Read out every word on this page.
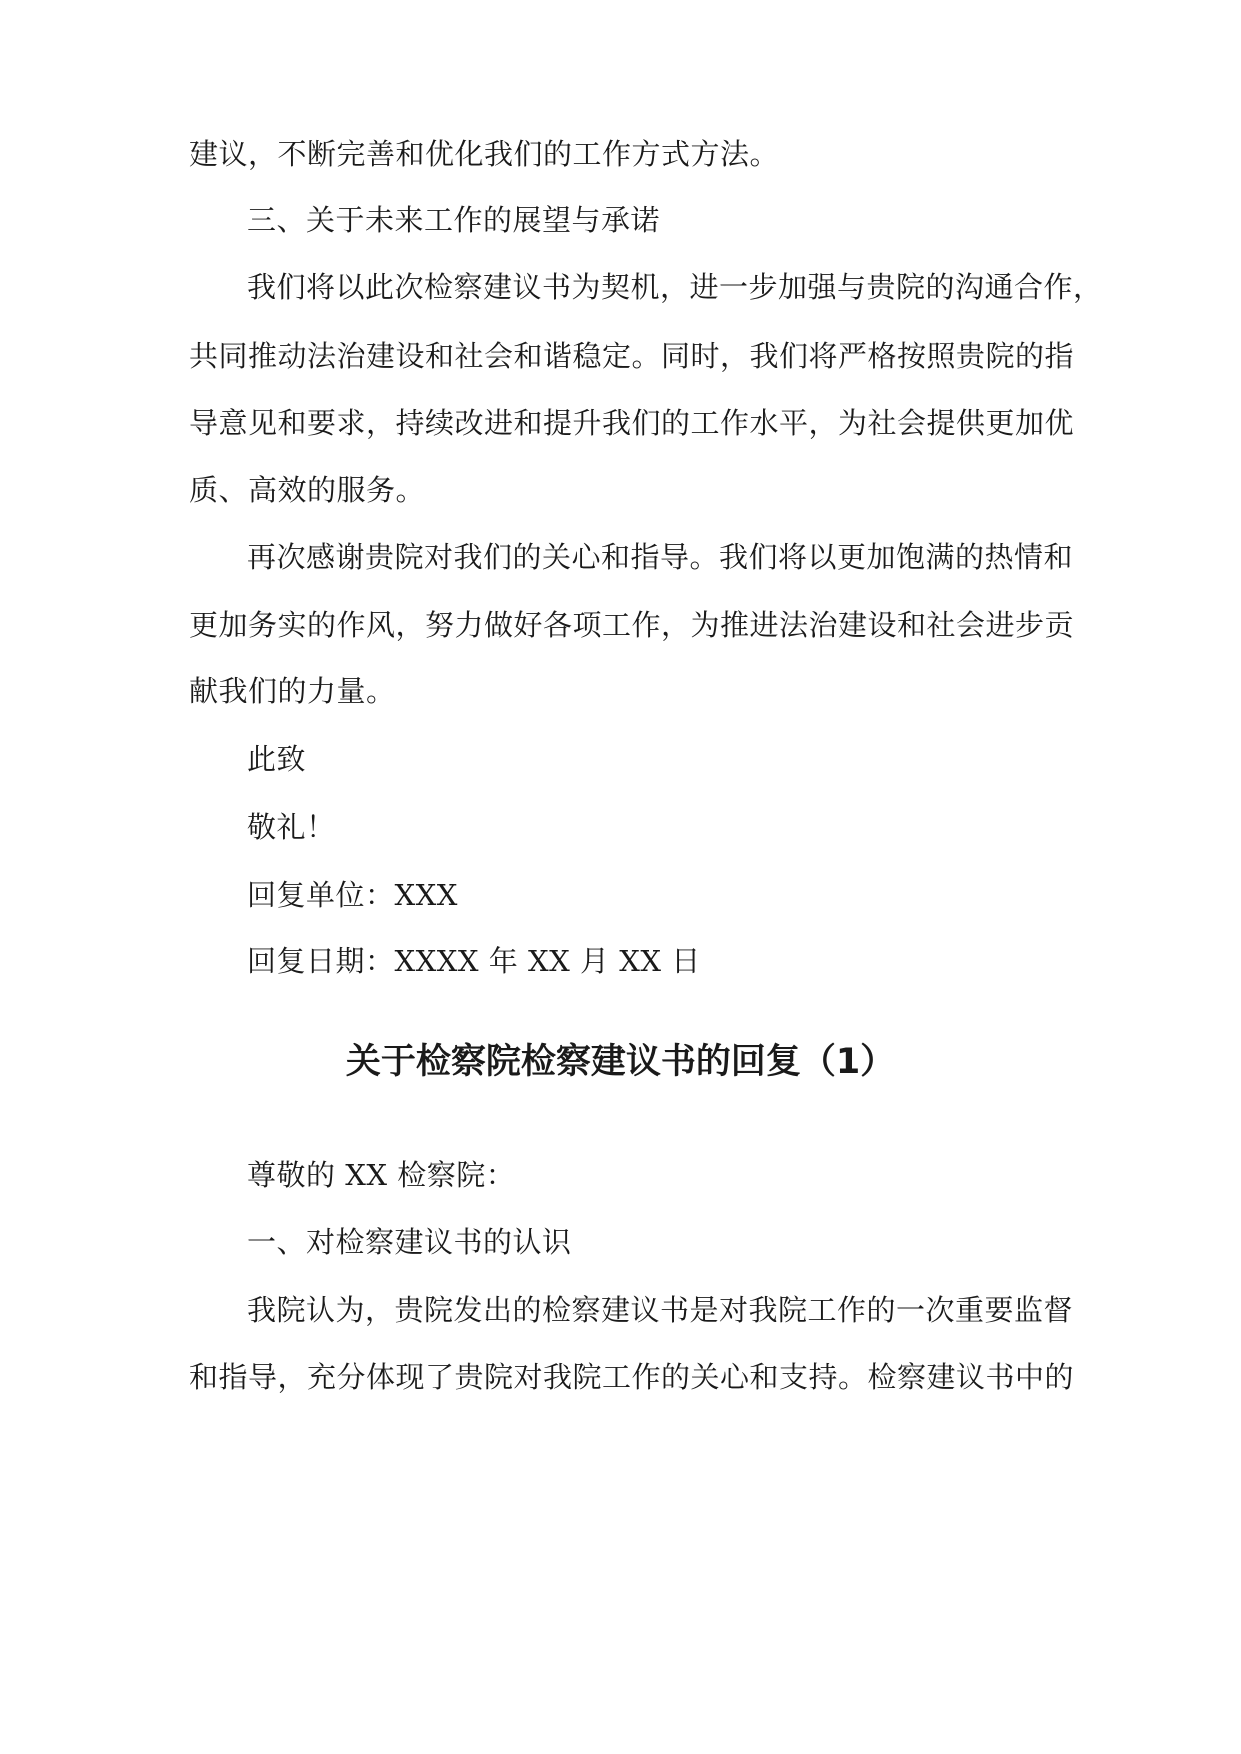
建议，不断完善和优化我们的工作方式方法。
三、关于未来工作的展望与承诺
我们将以此次检察建议书为契机，进一步加强与贵院的沟通合作，
共同推动法治建设和社会和谐稳定。同时，我们将严格按照贵院的指
导意见和要求，持续改进和提升我们的工作水平，为社会提供更加优
质、高效的服务。
再次感谢贵院对我们的关心和指导。我们将以更加饱满的热情和
更加务实的作风，努力做好各项工作，为推进法治建设和社会进步贡
献我们的力量。
此致
敬礼！
回复单位：XXX
回复日期：XXXX 年 XX 月 XX 日
关于检察院检察建议书的回复（1）
尊敬的 XX 检察院：
一、对检察建议书的认识
我院认为，贵院发出的检察建议书是对我院工作的一次重要监督
和指导，充分体现了贵院对我院工作的关心和支持。检察建议书中的
